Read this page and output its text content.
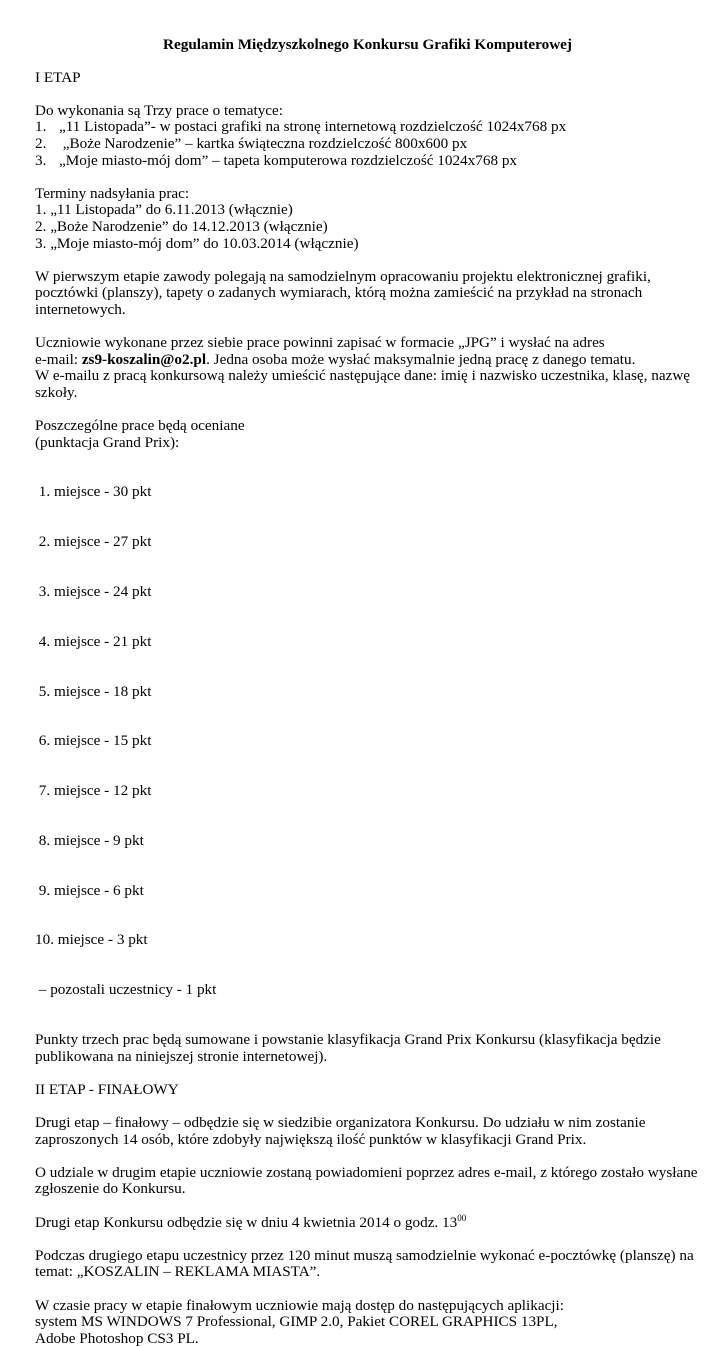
Regulamin Międzyszkolnego Konkursu Grafiki Komputerowej

I ETAP

Do wykonania są Trzy prace o tematyce:

1. „11 Listopada”- w postaci grafiki na stronę internetową rozdzielczość 1024x768 px
2. „Boże Narodzenie” – kartka świąteczna rozdzielczość 800x600 px
3. „Moje miasto-mój dom” – tapeta komputerowa rozdzielczość 1024x768 px

Terminy nadsyłania prac:

1. „11 Listopada” do 6.11.2013 (włącznie)

2. „Boże Narodzenie” do 14.12.2013 (włącznie)

3. „Moje miasto-mój dom” do 10.03.2014 (włącznie)

W pierwszym etapie zawody polegają na samodzielnym opracowaniu projektu elektronicznej grafiki,

pocztówki (planszy), tapety o zadanych wymiarach, którą można zamieścić na przykład na stronach

internetowych.

Uczniowie wykonane przez siebie prace powinni zapisać w formacie „JPG” i wysłać na adres

e-mail: zs9-koszalin@o2.pl. Jedna osoba może wysłać maksymalnie jedną pracę z danego tematu.

W e-mailu z pracą konkursową należy umieścić następujące dane: imię i nazwisko uczestnika, klasę, nazwę

szkoły.

Poszczególne prace będą oceniane

(punktacja Grand Prix):

1. miejsce - 30 pkt

2. miejsce - 27 pkt

3. miejsce - 24 pkt

4. miejsce - 21 pkt

5. miejsce - 18 pkt

6. miejsce - 15 pkt

7. miejsce - 12 pkt

8. miejsce - 9 pkt

9. miejsce - 6 pkt

10. miejsce - 3 pkt

– pozostali uczestnicy - 1 pkt

Punkty trzech prac będą sumowane i powstanie klasyfikacja Grand Prix Konkursu (klasyfikacja będzie

publikowana na niniejszej stronie internetowej).

II ETAP - FINAŁOWY

Drugi etap – finałowy – odbędzie się w siedzibie organizatora Konkursu. Do udziału w nim zostanie

zaproszonych 14 osób, które zdobyły największą ilość punktów w klasyfikacji Grand Prix.

O udziale w drugim etapie uczniowie zostaną powiadomieni poprzez adres e-mail, z którego zostało wysłane

zgłoszenie do Konkursu.

Drugi etap Konkursu odbędzie się w dniu 4 kwietnia 2014 o godz. $13^{00}$

Podczas drugiego etapu uczestnicy przez 120 minut muszą samodzielnie wykonać e-pocztówkę (planszę) na

temat: „KOSZALIN – REKLAMA MIASTA”.

W czasie pracy w etapie finałowym uczniowie mają dostęp do następujących aplikacji:

system MS WINDOWS 7 Professional, GIMP 2.0, Pakiet COREL GRAPHICS 13PL,

Adobe Photoshop CS3 PL.
